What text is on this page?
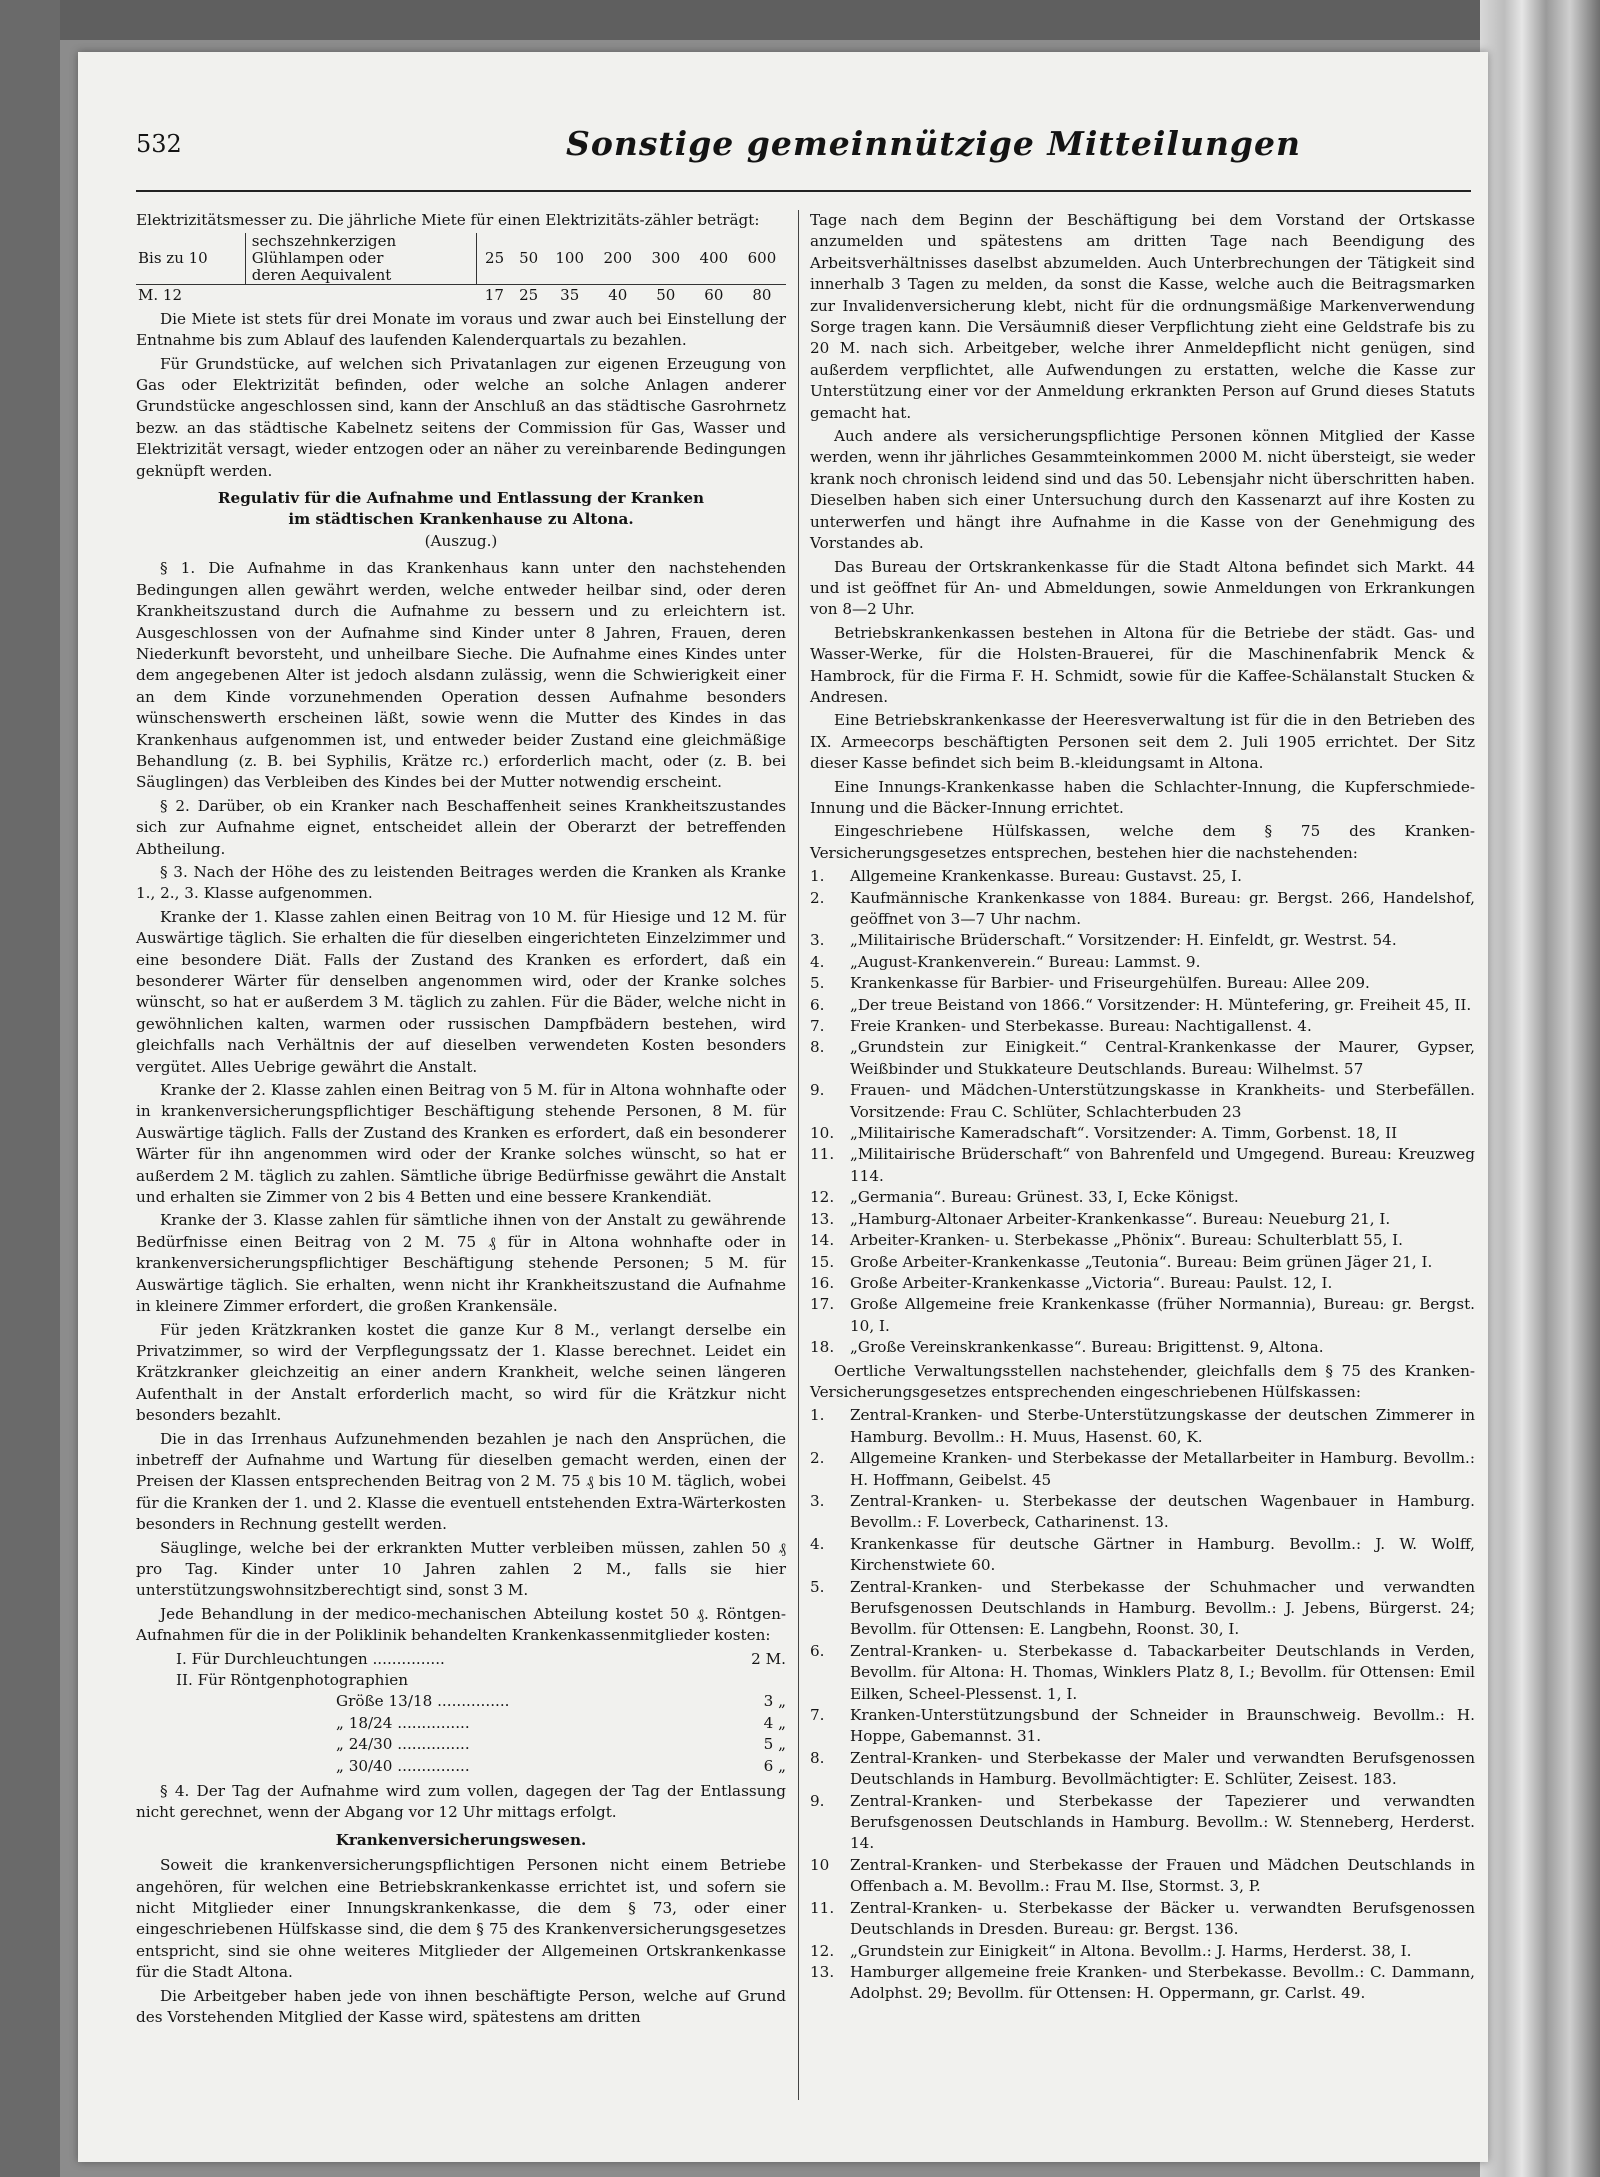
532	Sonstige gemeinnützige Mitteilungen

Elektrizitätsmesser zu. Die jährliche Miete für einen Elektrizitäts-zähler beträgt:

Bis zu 10	sechszehnkerzigen
Glühlampen oder
deren Aequivalent	25	50	100	200	300	400	600
M. 12		17	25	35	40	50	60	80

Die Miete ist stets für drei Monate im voraus und zwar auch bei Einstellung der Entnahme bis zum Ablauf des laufenden Kalenderquartals zu bezahlen.

Für Grundstücke, auf welchen sich Privatanlagen zur eigenen Erzeugung von Gas oder Elektrizität befinden, oder welche an solche Anlagen anderer Grundstücke angeschlossen sind, kann der Anschluß an das städtische Gasrohrnetz bezw. an das städtische Kabelnetz seitens der Commission für Gas, Wasser und Elektrizität versagt, wieder entzogen oder an näher zu vereinbarende Bedingungen geknüpft werden.

Regulativ für die Aufnahme und Entlassung der Kranken

im städtischen Krankenhause zu Altona.

(Auszug.)

§ 1. Die Aufnahme in das Krankenhaus kann unter den nachstehenden Bedingungen allen gewährt werden, welche entweder heilbar sind, oder deren Krankheitszustand durch die Aufnahme zu bessern und zu erleichtern ist. Ausgeschlossen von der Aufnahme sind Kinder unter 8 Jahren, Frauen, deren Niederkunft bevorsteht, und unheilbare Sieche. Die Aufnahme eines Kindes unter dem angegebenen Alter ist jedoch alsdann zulässig, wenn die Schwierigkeit einer an dem Kinde vorzunehmenden Operation dessen Aufnahme besonders wünschenswerth erscheinen läßt, sowie wenn die Mutter des Kindes in das Krankenhaus aufgenommen ist, und entweder beider Zustand eine gleichmäßige Behandlung (z. B. bei Syphilis, Krätze rc.) erforderlich macht, oder (z. B. bei Säuglingen) das Verbleiben des Kindes bei der Mutter notwendig erscheint.

§ 2. Darüber, ob ein Kranker nach Beschaffenheit seines Krankheitszustandes sich zur Aufnahme eignet, entscheidet allein der Oberarzt der betreffenden Abtheilung.

§ 3. Nach der Höhe des zu leistenden Beitrages werden die Kranken als Kranke 1., 2., 3. Klasse aufgenommen.

Kranke der 1. Klasse zahlen einen Beitrag von 10 M. für Hiesige und 12 M. für Auswärtige täglich. Sie erhalten die für dieselben eingerichteten Einzelzimmer und eine besondere Diät. Falls der Zustand des Kranken es erfordert, daß ein besonderer Wärter für denselben angenommen wird, oder der Kranke solches wünscht, so hat er außerdem 3 M. täglich zu zahlen. Für die Bäder, welche nicht in gewöhnlichen kalten, warmen oder russischen Dampfbädern bestehen, wird gleichfalls nach Verhältnis der auf dieselben verwendeten Kosten besonders vergütet. Alles Uebrige gewährt die Anstalt.

Kranke der 2. Klasse zahlen einen Beitrag von 5 M. für in Altona wohnhafte oder in krankenversicherungspflichtiger Beschäftigung stehende Personen, 8 M. für Auswärtige täglich. Falls der Zustand des Kranken es erfordert, daß ein besonderer Wärter für ihn angenommen wird oder der Kranke solches wünscht, so hat er außerdem 2 M. täglich zu zahlen. Sämtliche übrige Bedürfnisse gewährt die Anstalt und erhalten sie Zimmer von 2 bis 4 Betten und eine bessere Krankendiät.

Kranke der 3. Klasse zahlen für sämtliche ihnen von der Anstalt zu gewährende Bedürfnisse einen Beitrag von 2 M. 75 ₰ für in Altona wohnhafte oder in krankenversicherungspflichtiger Beschäftigung stehende Personen; 5 M. für Auswärtige täglich. Sie erhalten, wenn nicht ihr Krankheitszustand die Aufnahme in kleinere Zimmer erfordert, die großen Krankensäle.

Für jeden Krätzkranken kostet die ganze Kur 8 M., verlangt derselbe ein Privatzimmer, so wird der Verpflegungssatz der 1. Klasse berechnet. Leidet ein Krätzkranker gleichzeitig an einer andern Krankheit, welche seinen längeren Aufenthalt in der Anstalt erforderlich macht, so wird für die Krätzkur nicht besonders bezahlt.

Die in das Irrenhaus Aufzunehmenden bezahlen je nach den Ansprüchen, die inbetreff der Aufnahme und Wartung für dieselben gemacht werden, einen der Preisen der Klassen entsprechenden Beitrag von 2 M. 75 ₰ bis 10 M. täglich, wobei für die Kranken der 1. und 2. Klasse die eventuell entstehenden Extra-Wärterkosten besonders in Rechnung gestellt werden.

Säuglinge, welche bei der erkrankten Mutter verbleiben müssen, zahlen 50 ₰ pro Tag. Kinder unter 10 Jahren zahlen 2 M., falls sie hier unterstützungswohnsitzberechtigt sind, sonst 3 M.

Jede Behandlung in der medico-mechanischen Abteilung kostet 50 ₰. Röntgen-Aufnahmen für die in der Poliklinik behandelten Krankenkassenmitglieder kosten:

I. Für Durchleuchtungen ...............	2 M.
II. Für Röntgenphotographien
Größe 13/18 ...............	3 „
„ 18/24 ...............	4 „
„ 24/30 ...............	5 „
„ 30/40 ...............	6 „

§ 4. Der Tag der Aufnahme wird zum vollen, dagegen der Tag der Entlassung nicht gerechnet, wenn der Abgang vor 12 Uhr mittags erfolgt.

Krankenversicherungswesen.

Soweit die krankenversicherungspflichtigen Personen nicht einem Betriebe angehören, für welchen eine Betriebskrankenkasse errichtet ist, und sofern sie nicht Mitglieder einer Innungskrankenkasse, die dem § 73, oder einer eingeschriebenen Hülfskasse sind, die dem § 75 des Krankenversicherungsgesetzes entspricht, sind sie ohne weiteres Mitglieder der Allgemeinen Ortskrankenkasse für die Stadt Altona.

Die Arbeitgeber haben jede von ihnen beschäftigte Person, welche auf Grund des Vorstehenden Mitglied der Kasse wird, spätestens am dritten

Tage nach dem Beginn der Beschäftigung bei dem Vorstand der Ortskasse anzumelden und spätestens am dritten Tage nach Beendigung des Arbeitsverhältnisses daselbst abzumelden. Auch Unterbrechungen der Tätigkeit sind innerhalb 3 Tagen zu melden, da sonst die Kasse, welche auch die Beitragsmarken zur Invalidenversicherung klebt, nicht für die ordnungsmäßige Markenverwendung Sorge tragen kann. Die Versäumniß dieser Verpflichtung zieht eine Geldstrafe bis zu 20 M. nach sich. Arbeitgeber, welche ihrer Anmeldepflicht nicht genügen, sind außerdem verpflichtet, alle Aufwendungen zu erstatten, welche die Kasse zur Unterstützung einer vor der Anmeldung erkrankten Person auf Grund dieses Statuts gemacht hat.

Auch andere als versicherungspflichtige Personen können Mitglied der Kasse werden, wenn ihr jährliches Gesammteinkommen 2000 M. nicht übersteigt, sie weder krank noch chronisch leidend sind und das 50. Lebensjahr nicht überschritten haben. Dieselben haben sich einer Untersuchung durch den Kassenarzt auf ihre Kosten zu unterwerfen und hängt ihre Aufnahme in die Kasse von der Genehmigung des Vorstandes ab.

Das Bureau der Ortskrankenkasse für die Stadt Altona befindet sich Markt. 44 und ist geöffnet für An- und Abmeldungen, sowie Anmeldungen von Erkrankungen von 8—2 Uhr.

Betriebskrankenkassen bestehen in Altona für die Betriebe der städt. Gas- und Wasser-Werke, für die Holsten-Brauerei, für die Maschinenfabrik Menck & Hambrock, für die Firma F. H. Schmidt, sowie für die Kaffee-Schälanstalt Stucken & Andresen.

Eine Betriebskrankenkasse der Heeresverwaltung ist für die in den Betrieben des IX. Armeecorps beschäftigten Personen seit dem 2. Juli 1905 errichtet. Der Sitz dieser Kasse befindet sich beim B.-kleidungsamt in Altona.

Eine Innungs-Krankenkasse haben die Schlachter-Innung, die Kupferschmiede-Innung und die Bäcker-Innung errichtet.

Eingeschriebene Hülfskassen, welche dem § 75 des Kranken-Versicherungsgesetzes entsprechen, bestehen hier die nachstehenden:

1.	Allgemeine Krankenkasse. Bureau: Gustavst. 25, I.
2.	Kaufmännische Krankenkasse von 1884. Bureau: gr. Bergst. 266, Handelshof, geöffnet von 3—7 Uhr nachm.
3.	„Militairische Brüderschaft.“ Vorsitzender: H. Einfeldt, gr. Westrst. 54.
4.	„August-Krankenverein.“ Bureau: Lammst. 9.
5.	Krankenkasse für Barbier- und Friseurgehülfen. Bureau: Allee 209.
6.	„Der treue Beistand von 1866.“ Vorsitzender: H. Müntefering, gr. Freiheit 45, II.
7.	Freie Kranken- und Sterbekasse. Bureau: Nachtigallenst. 4.
8.	„Grundstein zur Einigkeit.“ Central-Krankenkasse der Maurer, Gypser, Weißbinder und Stukkateure Deutschlands. Bureau: Wilhelmst. 57
9.	Frauen- und Mädchen-Unterstützungskasse in Krankheits- und Sterbefällen. Vorsitzende: Frau C. Schlüter, Schlachterbuden 23
10.	„Militairische Kameradschaft“. Vorsitzender: A. Timm, Gorbenst. 18, II
11.	„Militairische Brüderschaft“ von Bahrenfeld und Umgegend. Bureau: Kreuzweg 114.
12.	„Germania“. Bureau: Grünest. 33, I, Ecke Königst.
13.	„Hamburg-Altonaer Arbeiter-Krankenkasse“. Bureau: Neueburg 21, I.
14.	Arbeiter-Kranken- u. Sterbekasse „Phönix“. Bureau: Schulterblatt 55, I.
15.	Große Arbeiter-Krankenkasse „Teutonia“. Bureau: Beim grünen Jäger 21, I.
16.	Große Arbeiter-Krankenkasse „Victoria“. Bureau: Paulst. 12, I.
17.	Große Allgemeine freie Krankenkasse (früher Normannia), Bureau: gr. Bergst. 10, I.
18.	„Große Vereinskrankenkasse“. Bureau: Brigittenst. 9, Altona.

Oertliche Verwaltungsstellen nachstehender, gleichfalls dem § 75 des Kranken-Versicherungsgesetzes entsprechenden eingeschriebenen Hülfskassen:

1.	Zentral-Kranken- und Sterbe-Unterstützungskasse der deutschen Zimmerer in Hamburg. Bevollm.: H. Muus, Hasenst. 60, K.
2.	Allgemeine Kranken- und Sterbekasse der Metallarbeiter in Hamburg. Bevollm.: H. Hoffmann, Geibelst. 45
3.	Zentral-Kranken- u. Sterbekasse der deutschen Wagenbauer in Hamburg. Bevollm.: F. Loverbeck, Catharinenst. 13.
4.	Krankenkasse für deutsche Gärtner in Hamburg. Bevollm.: J. W. Wolff, Kirchenstwiete 60.
5.	Zentral-Kranken- und Sterbekasse der Schuhmacher und verwandten Berufsgenossen Deutschlands in Hamburg. Bevollm.: J. Jebens, Bürgerst. 24; Bevollm. für Ottensen: E. Langbehn, Roonst. 30, I.
6.	Zentral-Kranken- u. Sterbekasse d. Tabackarbeiter Deutschlands in Verden, Bevollm. für Altona: H. Thomas, Winklers Platz 8, I.; Bevollm. für Ottensen: Emil Eilken, Scheel-Plessenst. 1, I.
7.	Kranken-Unterstützungsbund der Schneider in Braunschweig. Bevollm.: H. Hoppe, Gabemannst. 31.
8.	Zentral-Kranken- und Sterbekasse der Maler und verwandten Berufsgenossen Deutschlands in Hamburg. Bevollmächtigter: E. Schlüter, Zeisest. 183.
9.	Zentral-Kranken- und Sterbekasse der Tapezierer und verwandten Berufsgenossen Deutschlands in Hamburg. Bevollm.: W. Stenneberg, Herderst. 14.
10	Zentral-Kranken- und Sterbekasse der Frauen und Mädchen Deutschlands in Offenbach a. M. Bevollm.: Frau M. Ilse, Stormst. 3, P.
11.	Zentral-Kranken- u. Sterbekasse der Bäcker u. verwandten Berufsgenossen Deutschlands in Dresden. Bureau: gr. Bergst. 136.
12.	„Grundstein zur Einigkeit“ in Altona. Bevollm.: J. Harms, Herderst. 38, I.
13.	Hamburger allgemeine freie Kranken- und Sterbekasse. Bevollm.: C. Dammann, Adolphst. 29; Bevollm. für Ottensen: H. Oppermann, gr. Carlst. 49.
